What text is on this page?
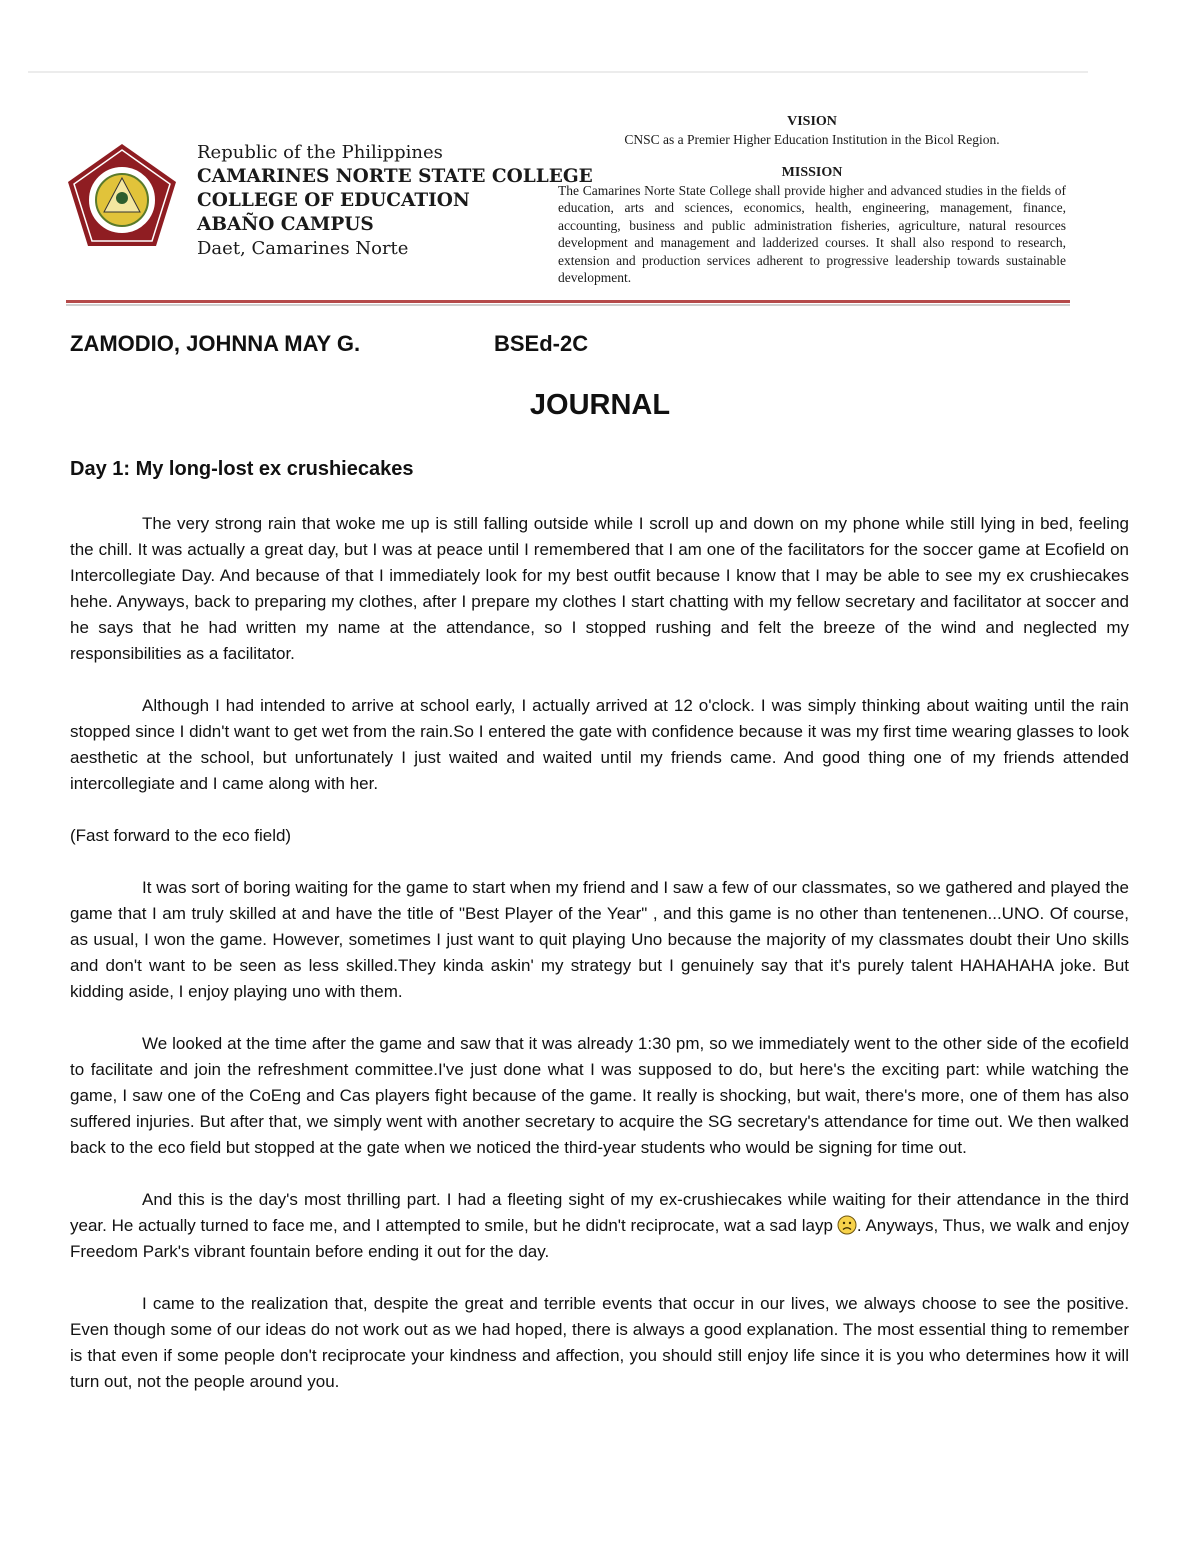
Republic of the Philippines
CAMARINES NORTE STATE COLLEGE
COLLEGE OF EDUCATION
ABAÑO CAMPUS
Daet, Camarines Norte
VISION
CNSC as a Premier Higher Education Institution in the Bicol Region.
MISSION
The Camarines Norte State College shall provide higher and advanced studies in the fields of education, arts and sciences, economics, health, engineering, management, finance, accounting, business and public administration fisheries, agriculture, natural resources development and management and ladderized courses. It shall also respond to research, extension and production services adherent to progressive leadership towards sustainable development.
ZAMODIO, JOHNNA MAY G.	BSEd-2C
JOURNAL
Day 1: My long-lost ex crushiecakes

The very strong rain that woke me up is still falling outside while I scroll up and down on my phone while still lying in bed, feeling the chill. It was actually a great day, but I was at peace until I remembered that I am one of the facilitators for the soccer game at Ecofield on Intercollegiate Day. And because of that I immediately look for my best outfit because I know that I may be able to see my ex crushiecakes hehe. Anyways, back to preparing my clothes, after I prepare my clothes I start chatting with my fellow secretary and facilitator at soccer and he says that he had written my name at the attendance, so I stopped rushing and felt the breeze of the wind and neglected my responsibilities as a facilitator.

Although I had intended to arrive at school early, I actually arrived at 12 o'clock. I was simply thinking about waiting until the rain stopped since I didn't want to get wet from the rain.So I entered the gate with confidence because it was my first time wearing glasses to look aesthetic at the school, but unfortunately I just waited and waited until my friends came. And good thing one of my friends attended intercollegiate and I came along with her.

(Fast forward to the eco field)

It was sort of boring waiting for the game to start when my friend and I saw a few of our classmates, so we gathered and played the game that I am truly skilled at and have the title of "Best Player of the Year" , and this game is no other than tentenenen...UNO. Of course, as usual, I won the game. However, sometimes I just want to quit playing Uno because the majority of my classmates doubt their Uno skills and don't want to be seen as less skilled.They kinda askin' my strategy but I genuinely say that it's purely talent HAHAHAHA joke. But kidding aside, I enjoy playing uno with them.

We looked at the time after the game and saw that it was already 1:30 pm, so we immediately went to the other side of the ecofield to facilitate and join the refreshment committee.I've just done what I was supposed to do, but here's the exciting part: while watching the game, I saw one of the CoEng and Cas players fight because of the game. It really is shocking, but wait, there's more, one of them has also suffered injuries. But after that, we simply went with another secretary to acquire the SG secretary's attendance for time out. We then walked back to the eco field but stopped at the gate when we noticed the third-year students who would be signing for time out.

And this is the day's most thrilling part. I had a fleeting sight of my ex-crushiecakes while waiting for their attendance in the third year. He actually turned to face me, and I attempted to smile, but he didn't reciprocate, wat a sad layp . Anyways, Thus, we walk and enjoy Freedom Park's vibrant fountain before ending it out for the day.

I came to the realization that, despite the great and terrible events that occur in our lives, we always choose to see the positive. Even though some of our ideas do not work out as we had hoped, there is always a good explanation. The most essential thing to remember is that even if some people don't reciprocate your kindness and affection, you should still enjoy life since it is you who determines how it will turn out, not the people around you.
